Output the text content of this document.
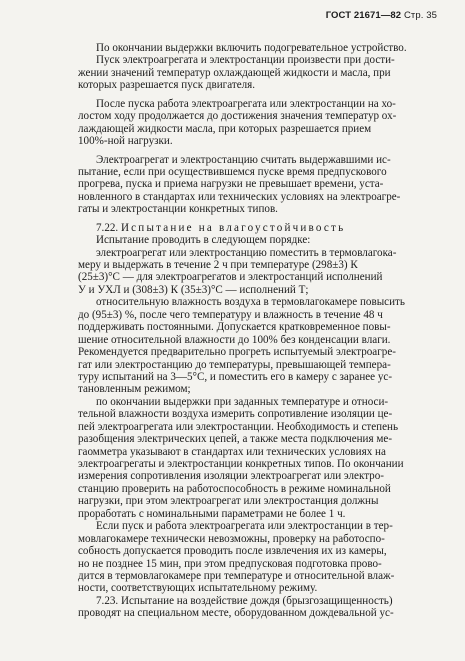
ГОСТ 21671—82 Стр. 35
По окончании выдержки включить подогревательное устройство.
Пуск электроагрегата и электростанции произвести при дости-
жении значений температур охлаждающей жидкости и масла, при
которых разрешается пуск двигателя.
После пуска работа электроагрегата или электростанции на хо-
лостом ходу продолжается до достижения значения температур ох-
лаждающей жидкости масла, при которых разрешается прием
100%-ной нагрузки.
Электроагрегат и электростанцию считать выдержавшими ис-
пытание, если при осуществившемся пуске время предпускового
прогрева, пуска и приема нагрузки не превышает времени, уста-
новленного в стандартах или технических условиях на электроагре-
гаты и электростанции конкретных типов.
7.22. Испытание на влагоустойчивость
Испытание проводить в следующем порядке:
электроагрегат или электростанцию поместить в термовлагока-
меру и выдержать в течение 2 ч при температуре (298±3) К
(25±3)°С — для электроагрегатов и электростанций исполнений
У и УХЛ и (308±3) К (35±3)°С — исполнений Т;
относительную влажность воздуха в термовлагокамере повысить
до (95±3) %, после чего температуру и влажность в течение 48 ч
поддерживать постоянными. Допускается кратковременное повы-
шение относительной влажности до 100% без конденсации влаги.
Рекомендуется предварительно прогреть испытуемый электроагре-
гат или электростанцию до температуры, превышающей темпера-
туру испытаний на 3—5°С, и поместить его в камеру с заранее ус-
тановленным режимом;
по окончании выдержки при заданных температуре и относи-
тельной влажности воздуха измерить сопротивление изоляции це-
пей электроагрегата или электростанции. Необходимость и степень
разобщения электрических цепей, а также места подключения ме-
гаомметра указывают в стандартах или технических условиях на
электроагрегаты и электростанции конкретных типов. По окончании
измерения сопротивления изоляции электроагрегат или электро-
станцию проверить на работоспособность в режиме номинальной
нагрузки, при этом электроагрегат или электростанция должны
проработать с номинальными параметрами не более 1 ч.
Если пуск и работа электроагрегата или электростанции в тер-
мовлагокамере технически невозможны, проверку на работоспо-
собность допускается проводить после извлечения их из камеры,
но не позднее 15 мин, при этом предпусковая подготовка прово-
дится в термовлагокамере при температуре и относительной влаж-
ности, соответствующих испытательному режиму.
7.23. Испытание на воздействие дождя (брызгозащищенность)
проводят на специальном месте, оборудованном дождевальной ус-
